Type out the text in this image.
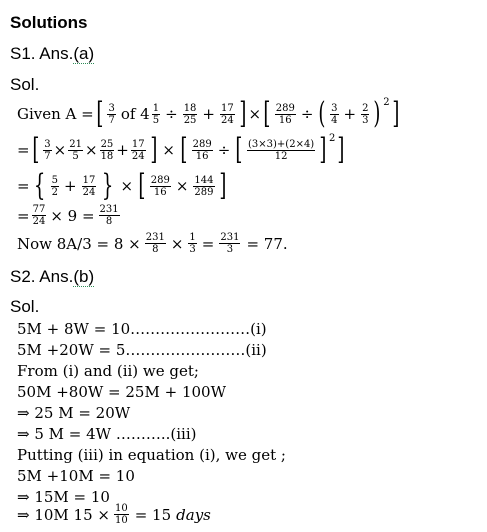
Solutions
S1. Ans.(a)
Sol.
Given A = [ $\frac{3}{7}$ of $4 \frac{1}{5} \div \frac{18}{25} + \frac{17}{24}$ ] × [ $\frac{289}{16}$ ÷ ( $\frac{3}{4} + \frac{2}{3}$ ) 2 ]
= [ $\frac{3}{7} \times \frac{21}{5} \times \frac{25}{18} + \frac{17}{24}$ ] × [ $\frac{289}{16}$ ÷ [ $\frac{(3\times 3)+(2\times 4)}{12}$ ] 2 ]
= { $\frac{5}{2} + \frac{17}{24}$ } × [ $\frac{289}{16} \times \frac{144}{289}$ ]
= $\frac{77}{24} \times 9 = \frac{231}{8}$
Now $8A/3 = 8 \times \frac{231}{8} \times \frac{1}{3} = \frac{231}{3} = 77$.
S2. Ans.(b)
Sol.
5M + 8W = 10……………………(i)
5M +20W = 5……………………(ii)
From (i) and (ii) we get;
50M +80W = 25M + 100W
⇒ 25 M = 20W
⇒ 5 M = 4W ………..(iii)
Putting (iii) in equation (i), we get ;
5M +10M = 10
⇒ 15M = 10
⇒ 10M $15 \times \frac{10}{10} = 15$ days
